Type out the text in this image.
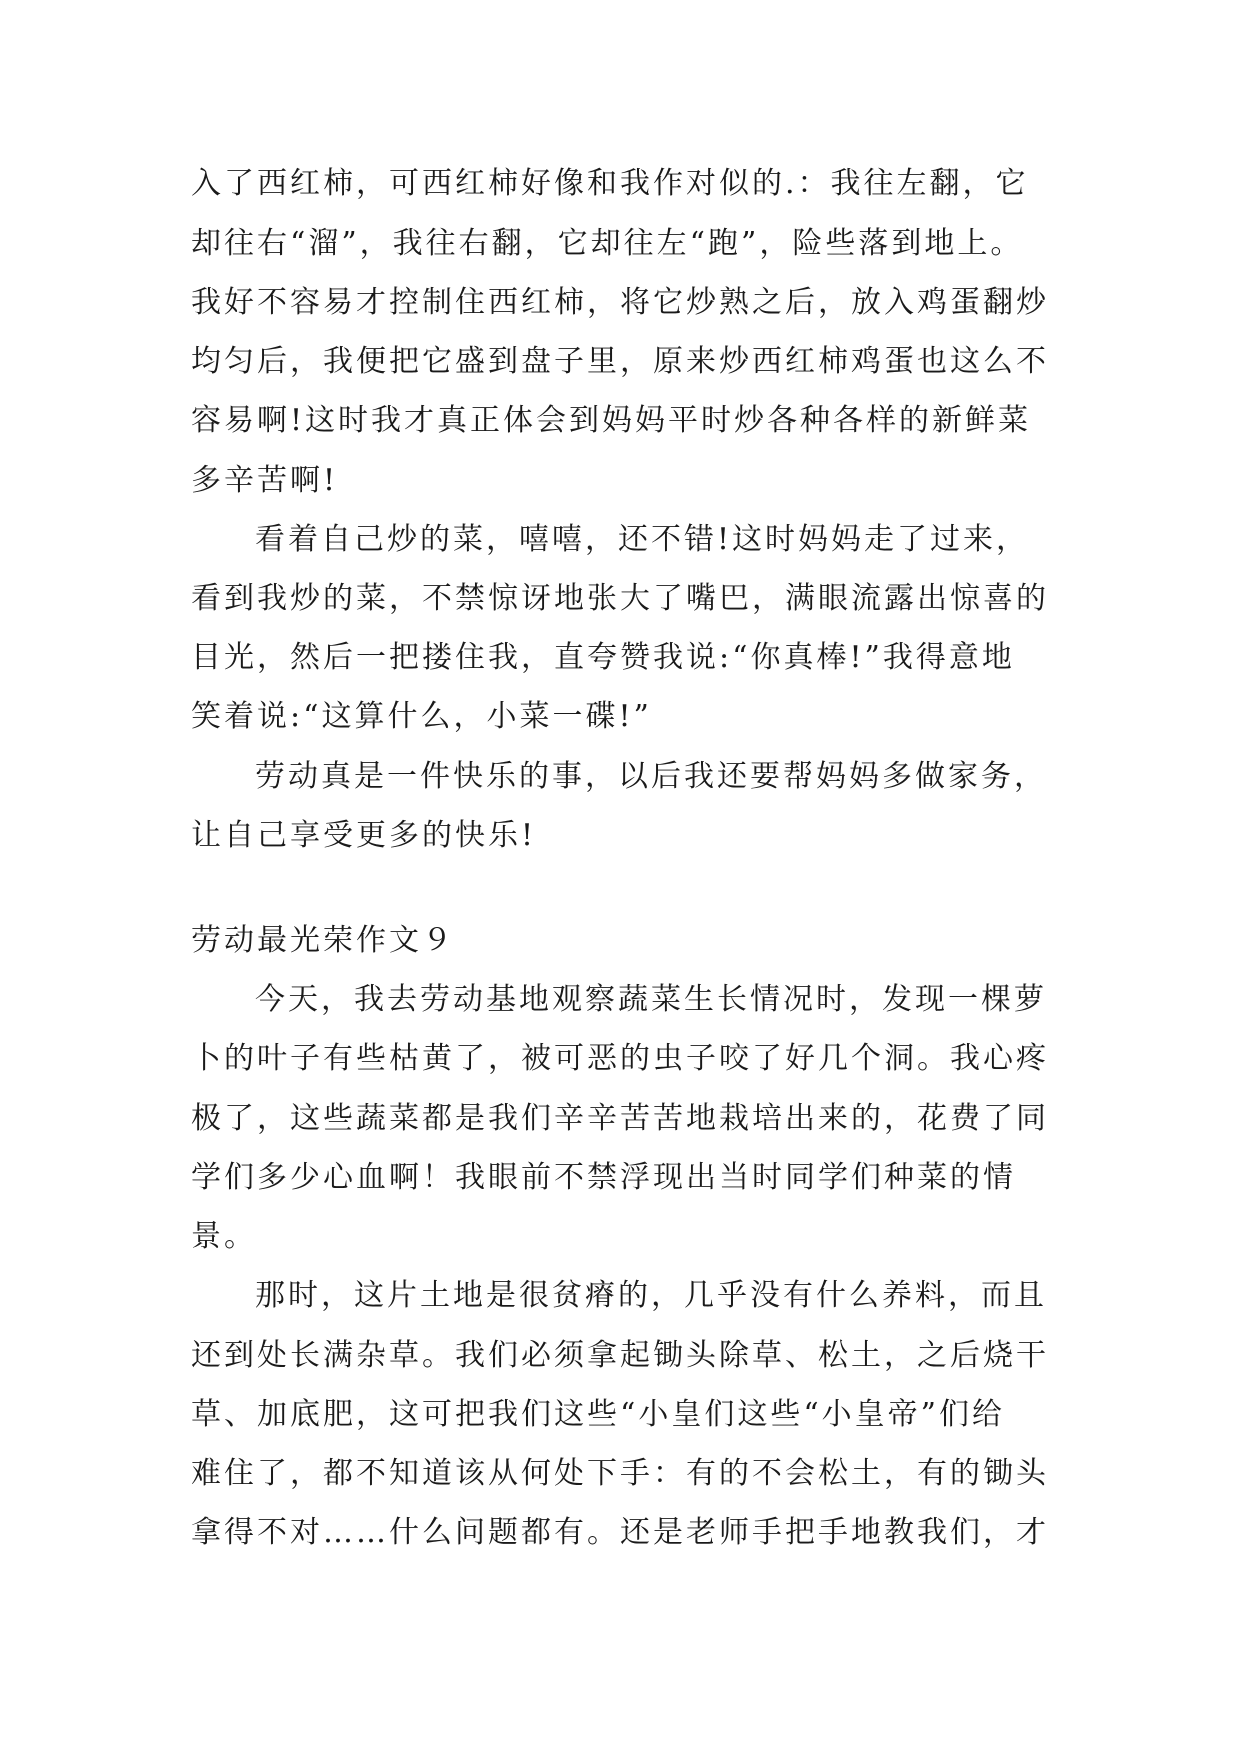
入了西红柿，可西红柿好像和我作对似的.：我往左翻，它
却往右“溜”，我往右翻，它却往左“跑”，险些落到地上。
我好不容易才控制住西红柿，将它炒熟之后，放入鸡蛋翻炒
均匀后，我便把它盛到盘子里，原来炒西红柿鸡蛋也这么不
容易啊!这时我才真正体会到妈妈平时炒各种各样的新鲜菜
多辛苦啊!
看着自己炒的菜，嘻嘻，还不错!这时妈妈走了过来，
看到我炒的菜，不禁惊讶地张大了嘴巴，满眼流露出惊喜的
目光，然后一把搂住我，直夸赞我说:“你真棒!”我得意地
笑着说:“这算什么，小菜一碟!”
劳动真是一件快乐的事，以后我还要帮妈妈多做家务，
让自己享受更多的快乐!
劳动最光荣作文９
今天，我去劳动基地观察蔬菜生长情况时，发现一棵萝
卜的叶子有些枯黄了，被可恶的虫子咬了好几个洞。我心疼
极了，这些蔬菜都是我们辛辛苦苦地栽培出来的，花费了同
学们多少心血啊！我眼前不禁浮现出当时同学们种菜的情
景。
那时，这片土地是很贫瘠的，几乎没有什么养料，而且
还到处长满杂草。我们必须拿起锄头除草、松土，之后烧干
草、加底肥，这可把我们这些“小皇们这些“小皇帝”们给
难住了，都不知道该从何处下手：有的不会松土，有的锄头
拿得不对……什么问题都有。还是老师手把手地教我们，才
